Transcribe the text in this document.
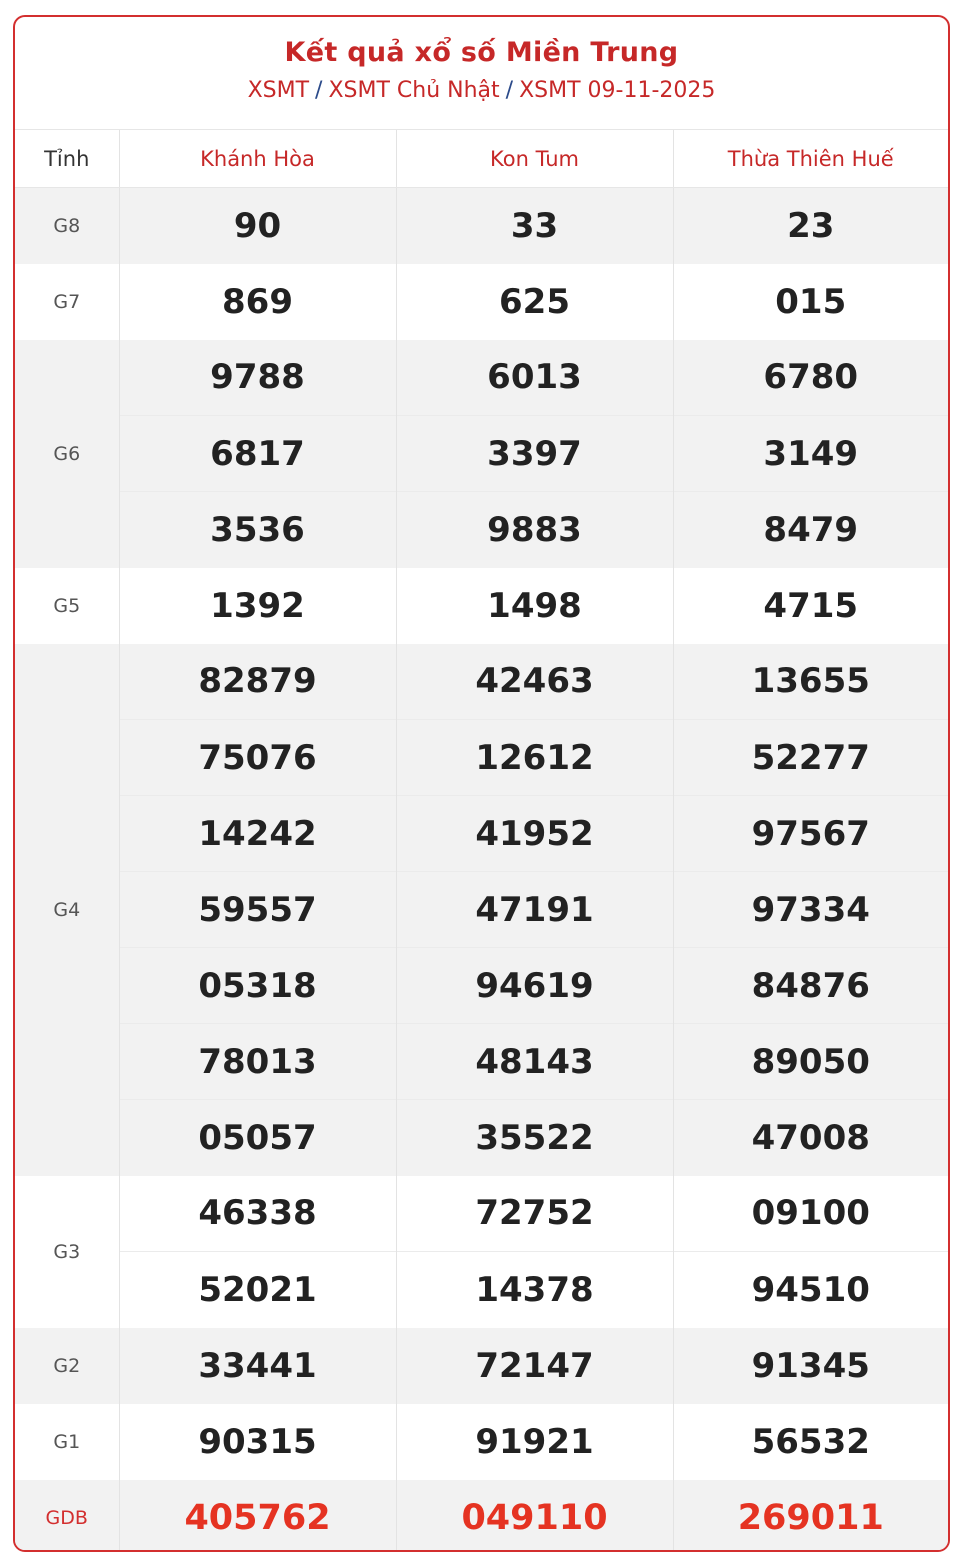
Kết quả xổ số Miền Trung
XSMT / XSMT Chủ Nhật / XSMT 09-11-2025
Tỉnh	Khánh Hòa	Kon Tum	Thừa Thiên Huế
G8	90	33	23
G7	869	625	015
G6	9788	6013	6780
	6817	3397	3149
	3536	9883	8479
G5	1392	1498	4715
G4	82879	42463	13655
	75076	12612	52277
	14242	41952	97567
	59557	47191	97334
	05318	94619	84876
	78013	48143	89050
	05057	35522	47008
G3	46338	72752	09100
	52021	14378	94510
G2	33441	72147	91345
G1	90315	91921	56532
GDB	405762	049110	269011
